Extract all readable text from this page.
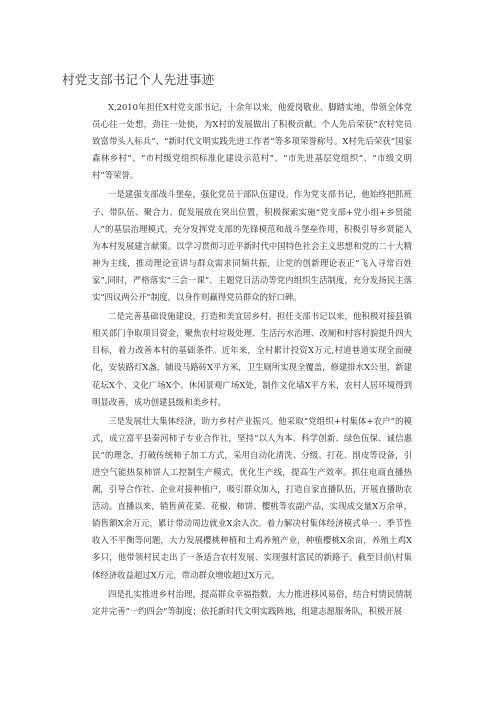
村党支部书记个人先进事迹

X,2010年担任X村党支部书记，十余年以来，他爱岗敬业、脚踏实地，带领全体党员心往一处想，劲往一处使，为X村的发展做出了积极贡献。个人先后荣获“农村党员致富带头人标兵”、“新时代文明实践先进工作者”等多项荣誉称号。X村先后荣获“国家森林乡村”、“市村级党组织标准化建设示范村”、“市先进基层党组织”、“市级文明村”等荣誉。

一是建强支部战斗堡垒，强化党员干部队伍建设。作为党支部书记，他始终把抓班子、带队伍、聚合力、促发展放在突出位置，积极探索实施“党支部+党小组+乡贤能人”的基层治理模式，充分发挥党支部的先锋模范和战斗堡垒作用，积极引导乡贤能人为本村发展建言献策。以学习贯彻习近平新时代中国特色社会主义思想和党的二十大精神为主线，推动理论宣讲与群众需求同频共振，让党的创新理论表正“飞入寻常百姓家”,同时，严格落实“三会一课”、主题党日活动等党内组织生活制度，充分发扬民主落实“四议两公开”制度，以身作则赢得党员群众的好口碑。

二是完善基础设施建设，打造和美宜居乡村。担任支部书记以来，他积极对接县镇相关部门争取项目资金，聚焦农村垃圾处理、生活污水治理、改厕和村容村貌提升四大目标，着力改善本村的基础条件。近年来，全村累计投资X万元,村道巷道实现全面硬化，安装路灯X盏，铺设马路砖X平方米，卫生厕所实现全覆盖，修建排水X公里，新建花坛X个、文化广场X个、休闲景观广场X处，制作文化墙X平方米，农村人居环境得到明显改善，成功创建县级和美乡村。

三是发展壮大集体经济，助力乡村产业振兴。他采取“党组织+村集体+农户”的模式，成立富平县秦河柿子专业合作社，坚持“以人为本、科学创新、绿色伍保、诚信惠民”的理念，打破传统柿子加工方式，采用自动化清洗、分级、打花、削皮等设备，引进空气能热泵柿饼人工控制生产模式，优化生产线，提高生产效率。抓住电商直播热潮，引导合作社、企业对接种植户，吸引群众加入，打造自家直播队伍，开展直播助农活动。直播以来，销售黄花菜、花椒、柿饼、樱桃等农副产品，实现成交量X万余单，销售额X余万元，累计带动周边就业X余人次。着力解决村集体经济模式单一、季节性收入不平衡等问题，大力发展樱桃种植和土鸡养殖产业，种植樱桃X余亩，养殖土鸡X多只，他带领村民走出了一条适合农村发展、实现强村富民的新路子。截至目前\村集体经济收益超过X万元，带动群众增收超过X万元。

四是扎实推进乡村治理，提高群众幸福指数。大力推进移风易俗，结合村情民情制定并完善“一约四会”等制度；依托新时代文明实践阵地，组建志愿服务队，积极开展
